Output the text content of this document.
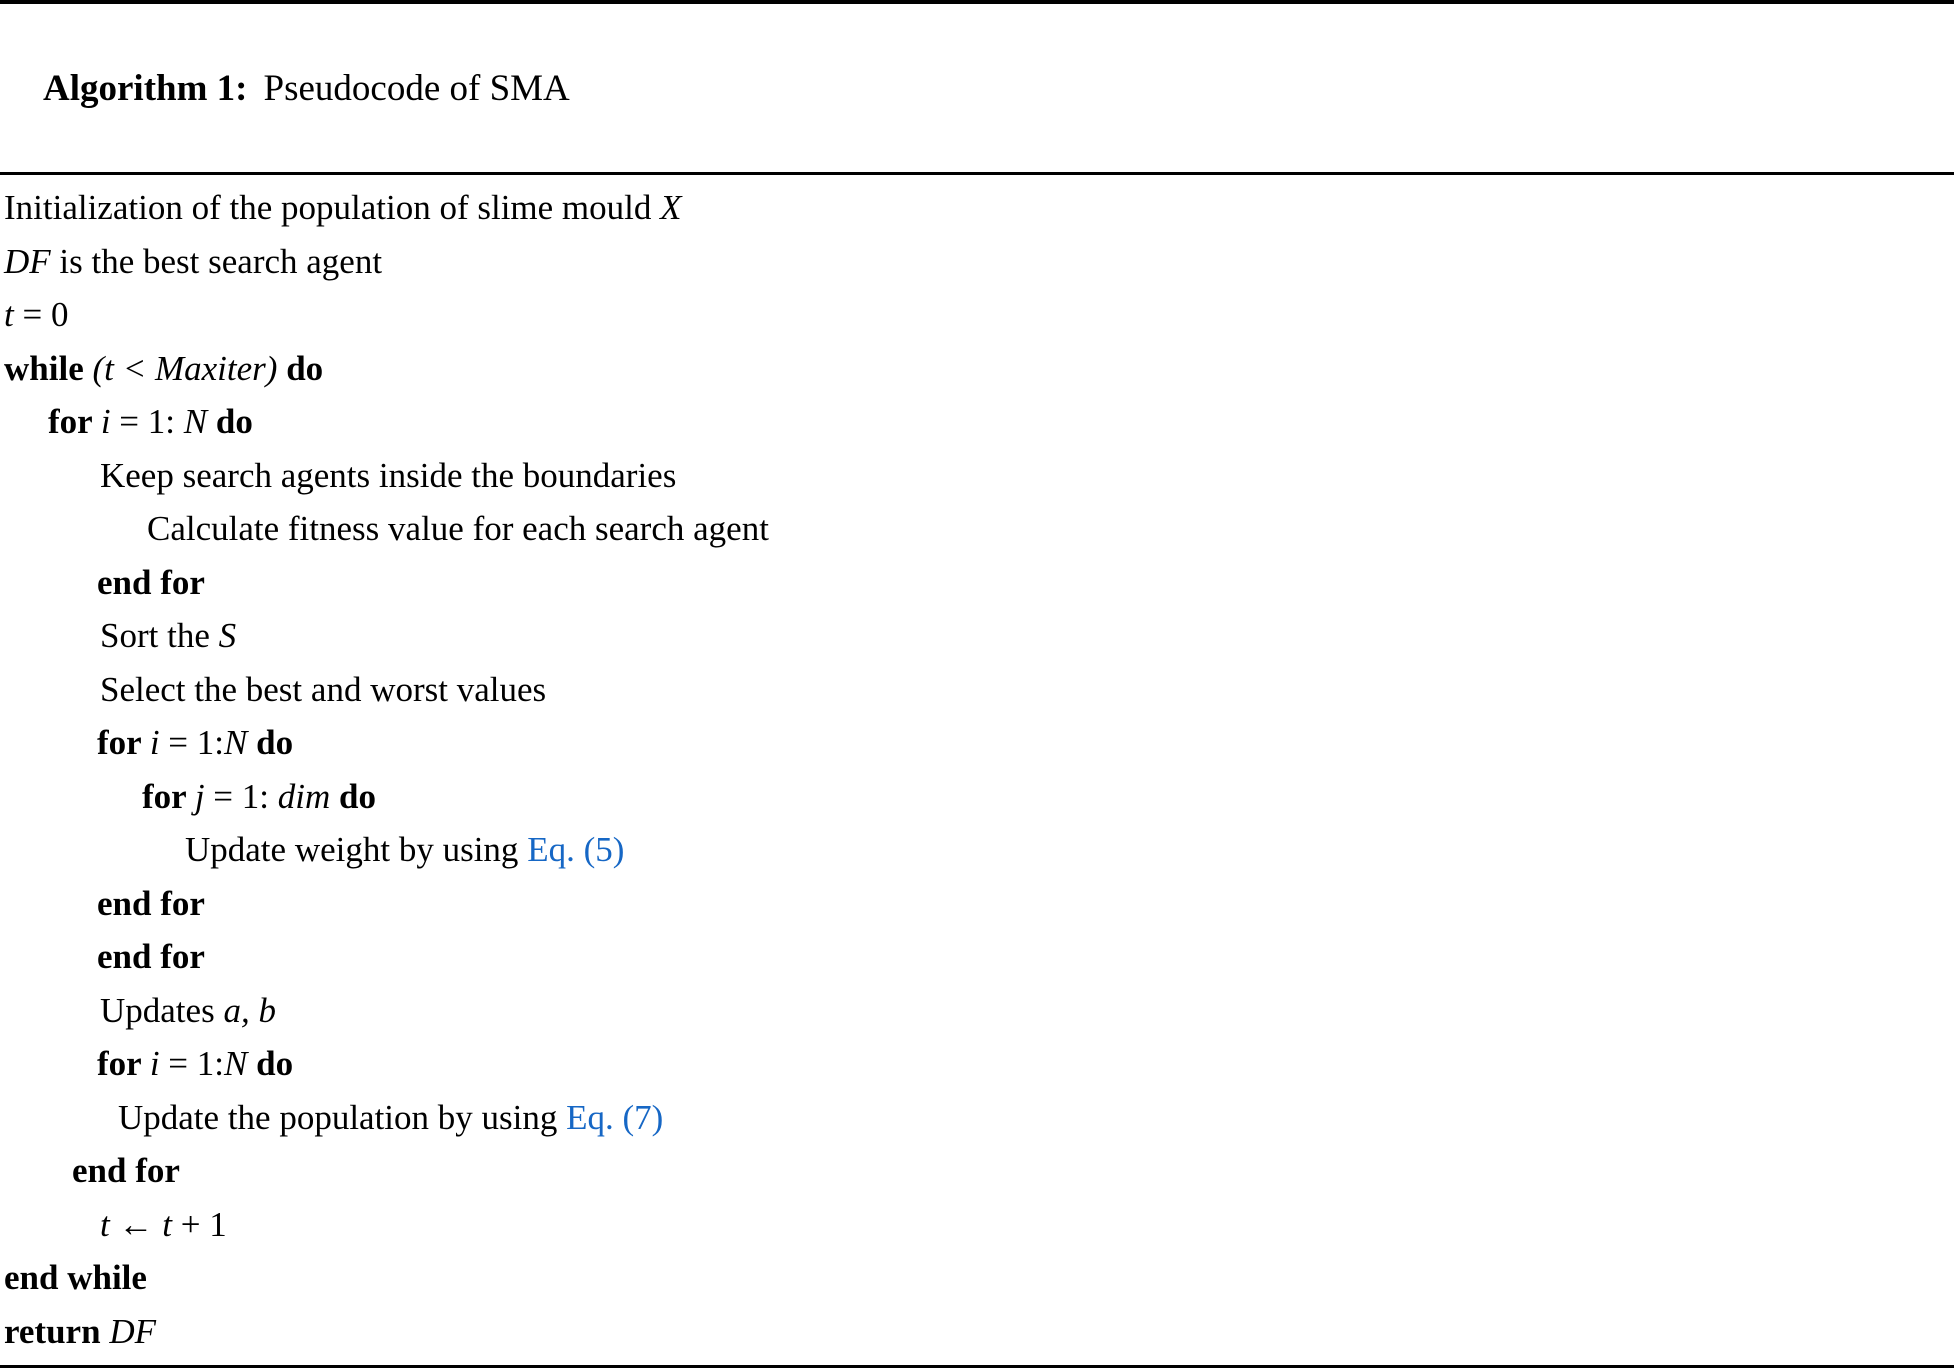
Algorithm 1: Pseudocode of SMA

Initialization of the population of slime mould X
DF is the best search agent
t = 0
while (t < Maxiter) do
for i = 1: N do
Keep search agents inside the boundaries
Calculate fitness value for each search agent
end for
Sort the S
Select the best and worst values
for i = 1:N do
for j = 1: dim do
Update weight by using Eq. (5)
end for
end for
Updates a, b
for i = 1:N do
Update the population by using Eq. (7)
end for
t ← t + 1
end while
return DF
